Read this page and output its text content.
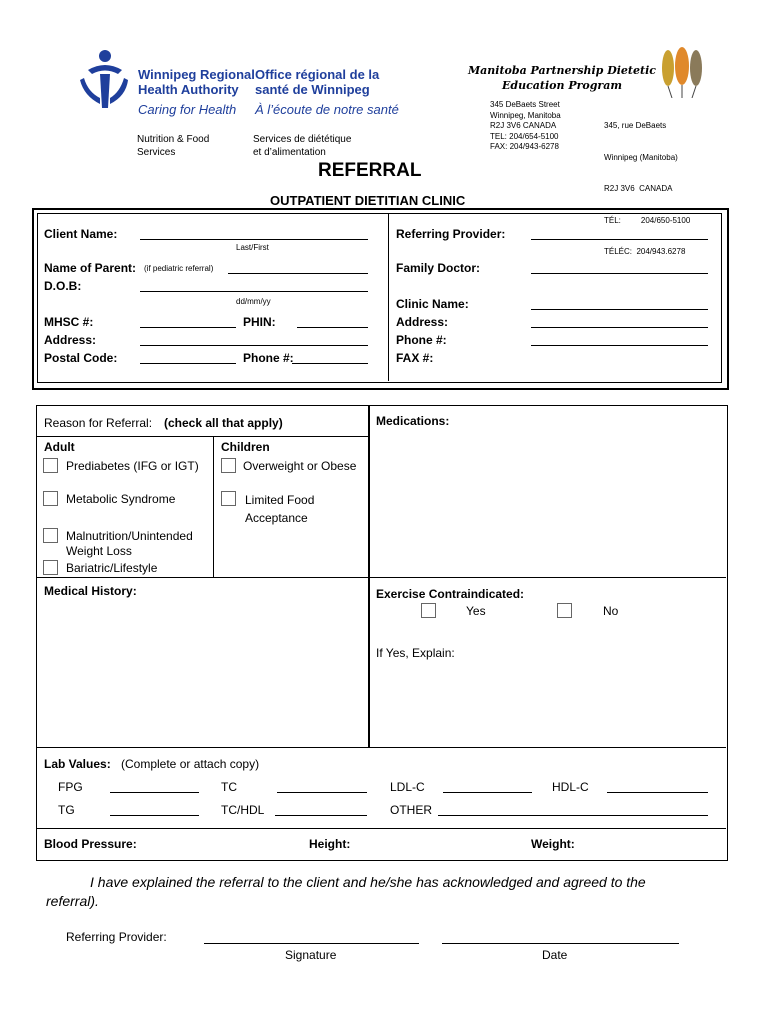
Winnipeg Regional
Health Authority
Office régional de la
santé de Winnipeg
Caring for Health À l’écoute de notre santé
Nutrition & Food
Services
Services de diététique
et d’alimentation
Manitoba Partnership Dietetic
Education Program
345 DeBaets Street
Winnipeg, Manitoba
R2J 3V6 CANADA
TEL: 204/654-5100
FAX: 204/943-6278

345, rue DeBaets

Winnipeg (Manitoba)

R2J 3V6  CANADA

TÉL:         204/650-5100

TÉLÉC:  204/943.6278

REFERRAL
OUTPATIENT DIETITIAN CLINIC
Client Name:
Last/First
Name of Parent: (if pediatric referral)
D.O.B:
dd/mm/yy
MHSC #:	PHIN:
Address:
Postal Code:	Phone #:
Referring Provider:
Family Doctor:
Clinic Name:
Address:
Phone #:
FAX #:
Reason for Referral: (check all that apply)	Medications:
Adult	Children
Prediabetes (IFG or IGT)	Overweight or Obese
Metabolic Syndrome	Limited Food
Acceptance
Malnutrition/Unintended
Weight Loss
Bariatric/Lifestyle
Medical History:	Exercise Contraindicated:
Yes	No
If Yes, Explain:
Lab Values: (Complete or attach copy)
FPG	TC	LDL-C	HDL-C
TG	TC/HDL	OTHER
Blood Pressure:	Height:	Weight:
I have explained the referral to the client and he/she has acknowledged and agreed to the
referral).
Referring Provider:
Signature	Date
